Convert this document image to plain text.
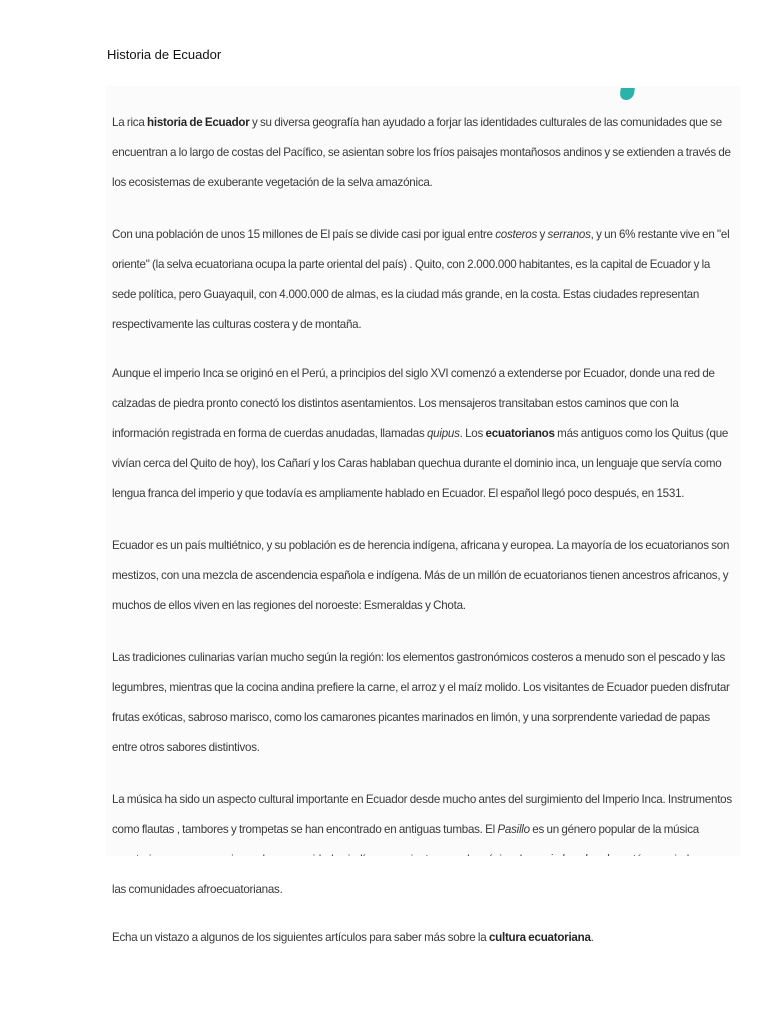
Historia de Ecuador

La rica historia de Ecuador y su diversa geografía han ayudado a forjar las identidades culturales de las comunidades que se encuentran a lo largo de costas del Pacífico, se asientan sobre los fríos paisajes montañosos andinos y se extienden a través de los ecosistemas de exuberante vegetación de la selva amazónica.

Con una población de unos 15 millones de El país se divide casi por igual entre costeros y serranos, y un 6% restante vive en "el oriente" (la selva ecuatoriana ocupa la parte oriental del país) . Quito, con 2.000.000 habitantes, es la capital de Ecuador y la sede política, pero Guayaquil, con 4.000.000 de almas, es la ciudad más grande, en la costa. Estas ciudades representan respectivamente las culturas costera y de montaña.

Aunque el imperio Inca se originó en el Perú, a principios del siglo XVI comenzó a extenderse por Ecuador, donde una red de calzadas de piedra pronto conectó los distintos asentamientos. Los mensajeros transitaban estos caminos que con la información registrada en forma de cuerdas anudadas, llamadas quipus. Los ecuatorianos más antiguos como los Quitus (que vivían cerca del Quito de hoy), los Cañarí y los Caras hablaban quechua durante el dominio inca, un lenguaje que servía como lengua franca del imperio y que todavía es ampliamente hablado en Ecuador. El español llegó poco después, en 1531.

Ecuador es un país multiétnico, y su población es de herencia indígena, africana y europea. La mayoría de los ecuatorianos son mestizos, con una mezcla de ascendencia española e indígena. Más de un millón de ecuatorianos tienen ancestros africanos, y muchos de ellos viven en las regiones del noroeste: Esmeraldas y Chota.

Las tradiciones culinarias varían mucho según la región: los elementos gastronómicos costeros a menudo son el pescado y las legumbres, mientras que la cocina andina prefiere la carne, el arroz y el maíz molido. Los visitantes de Ecuador pueden disfrutar frutas exóticas, sabroso marisco, como los camarones picantes marinados en limón, y una sorprendente variedad de papas entre otros sabores distintivos.

La música ha sido un aspecto cultural importante en Ecuador desde mucho antes del surgimiento del Imperio Inca. Instrumentos como flautas , tambores y trompetas se han encontrado en antiguas tumbas. El Pasillo es un género popular de la música las comunidades afroecuatorianas.

Echa un vistazo a algunos de los siguientes artículos para saber más sobre la cultura ecuatoriana.
